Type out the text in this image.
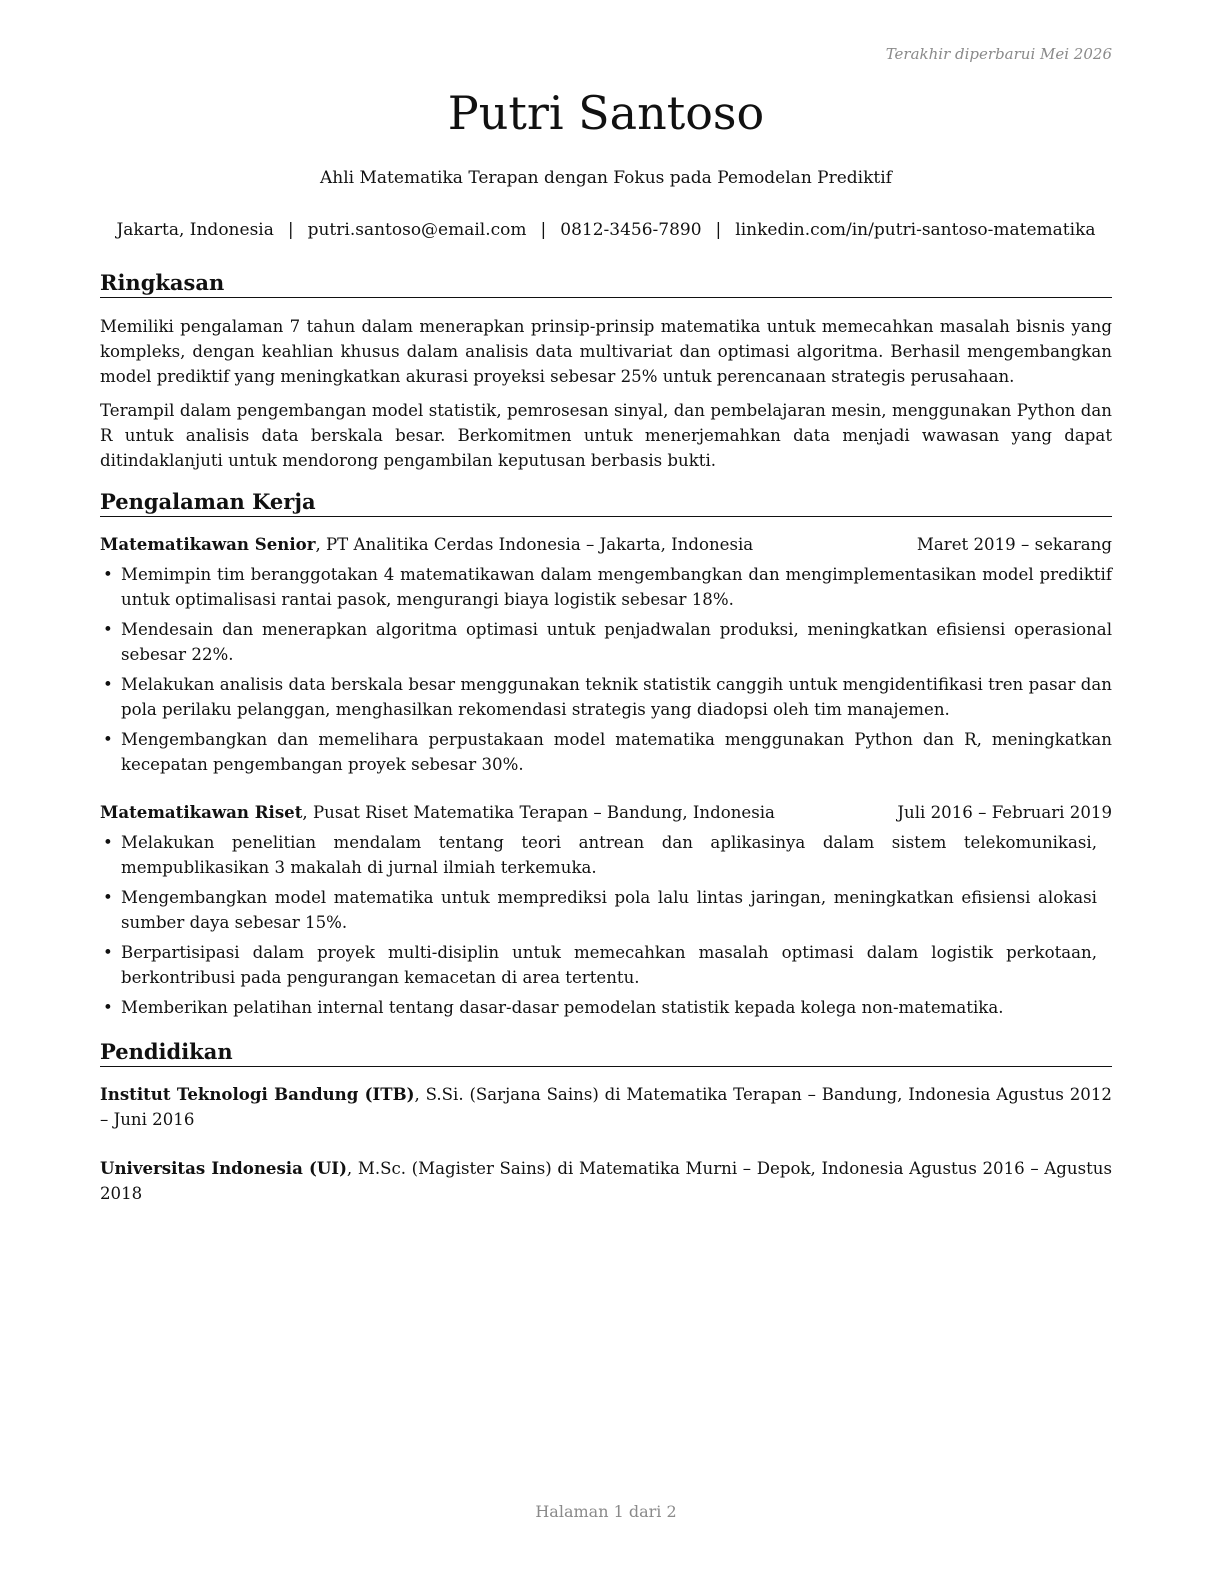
Terakhir diperbarui Mei 2026
Putri Santoso
Ahli Matematika Terapan dengan Fokus pada Pemodelan Prediktif
Jakarta, Indonesia | putri.santoso@email.com | 0812-3456-7890 | linkedin.com/in/putri-santoso-matematika
Ringkasan
Memiliki pengalaman 7 tahun dalam menerapkan prinsip-prinsip matematika untuk memecahkan masalah bisnis yang kompleks, dengan keahlian khusus dalam analisis data multivariat dan optimasi algoritma. Berhasil mengembangkan model prediktif yang meningkatkan akurasi proyeksi sebesar 25% untuk perencanaan strategis perusahaan.
Terampil dalam pengembangan model statistik, pemrosesan sinyal, dan pembelajaran mesin, menggunakan Python dan R untuk analisis data berskala besar. Berkomitmen untuk menerjemahkan data menjadi wawasan yang dapat ditindaklanjuti untuk mendorong pengambilan keputusan berbasis bukti.
Pengalaman Kerja
Matematikawan Senior, PT Analitika Cerdas Indonesia – Jakarta, Indonesia	Maret 2019 – sekarang
• Memimpin tim beranggotakan 4 matematikawan dalam mengembangkan dan mengimplementasikan model prediktif untuk optimalisasi rantai pasok, mengurangi biaya logistik sebesar 18%.
• Mendesain dan menerapkan algoritma optimasi untuk penjadwalan produksi, meningkatkan efisiensi operasional sebesar 22%.
• Melakukan analisis data berskala besar menggunakan teknik statistik canggih untuk mengidentifikasi tren pasar dan pola perilaku pelanggan, menghasilkan rekomendasi strategis yang diadopsi oleh tim manajemen.
• Mengembangkan dan memelihara perpustakaan model matematika menggunakan Python dan R, meningkatkan kecepatan pengembangan proyek sebesar 30%.
Matematikawan Riset, Pusat Riset Matematika Terapan – Bandung, Indonesia	Juli 2016 – Februari 2019
• Melakukan penelitian mendalam tentang teori antrean dan aplikasinya dalam sistem telekomunikasi, mempublikasikan 3 makalah di jurnal ilmiah terkemuka.
• Mengembangkan model matematika untuk memprediksi pola lalu lintas jaringan, meningkatkan efisiensi alokasi sumber daya sebesar 15%.
• Berpartisipasi dalam proyek multi-disiplin untuk memecahkan masalah optimasi dalam logistik perkotaan, berkontribusi pada pengurangan kemacetan di area tertentu.
• Memberikan pelatihan internal tentang dasar-dasar pemodelan statistik kepada kolega non-matematika.
Pendidikan
Institut Teknologi Bandung (ITB), S.Si. (Sarjana Sains) di Matematika Terapan – Bandung, Indonesia Agustus 2012 – Juni 2016
Universitas Indonesia (UI), M.Sc. (Magister Sains) di Matematika Murni – Depok, Indonesia Agustus 2016 – Agustus 2018
Halaman 1 dari 2
